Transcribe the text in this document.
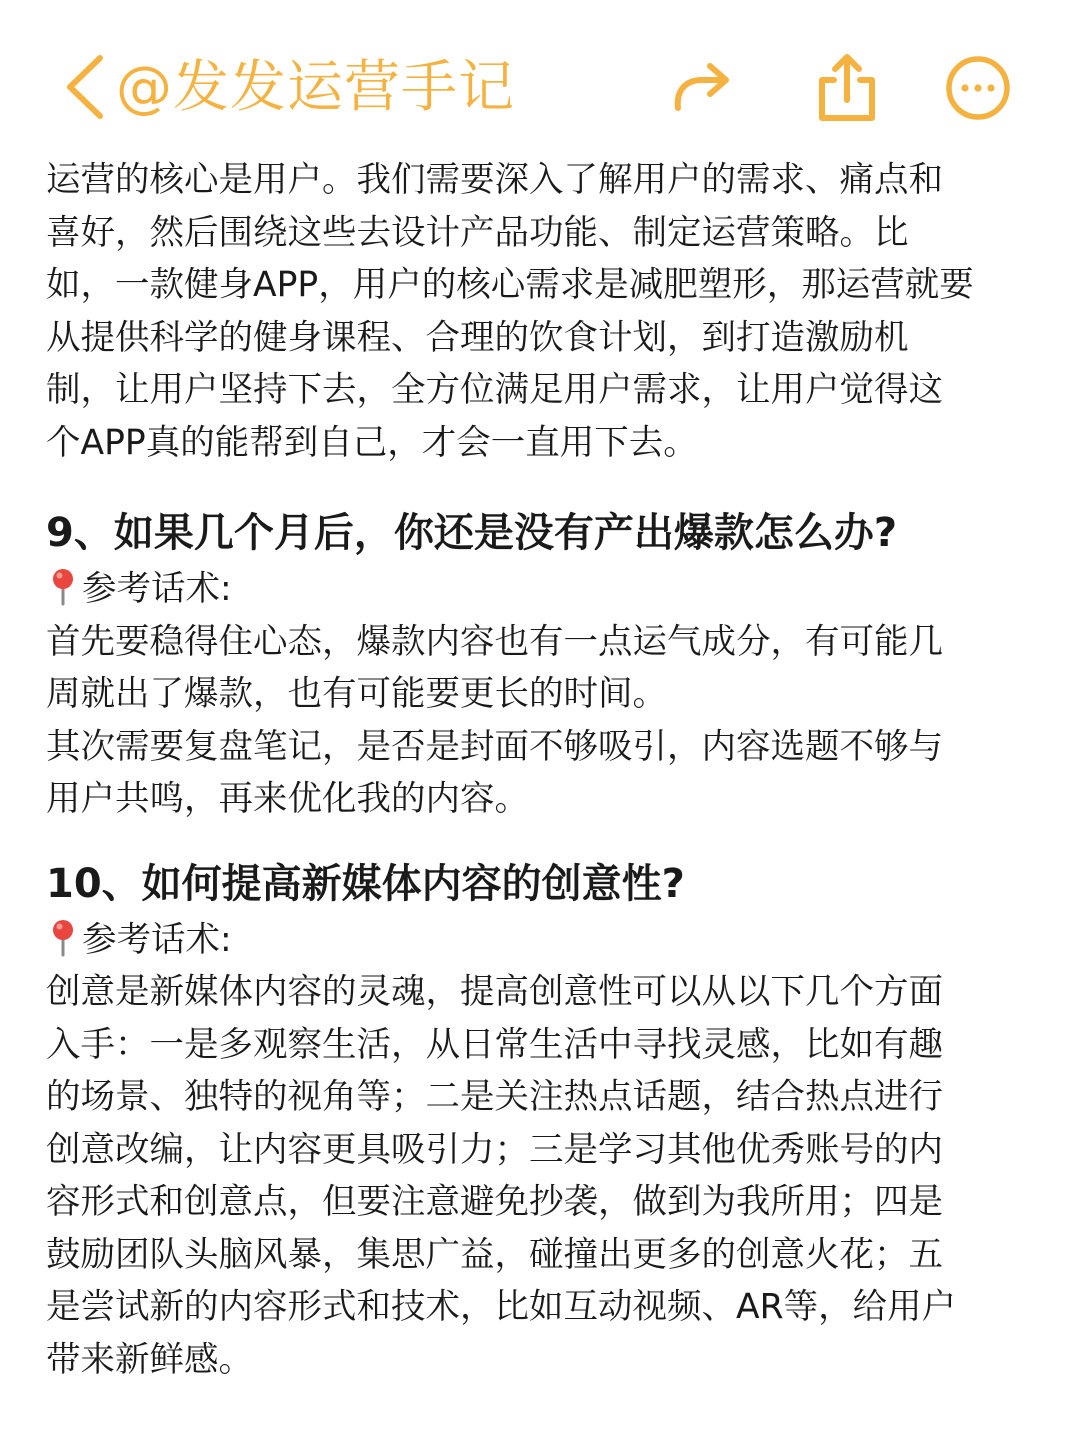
@发发运营手记

运营的核心是用户。我们需要深入了解用户的需求、痛点和

喜好，然后围绕这些去设计产品功能、制定运营策略。比

如，一款健身APP，用户的核心需求是减肥塑形，那运营就要

从提供科学的健身课程、合理的饮食计划，到打造激励机

制，让用户坚持下去，全方位满足用户需求，让用户觉得这

个APP真的能帮到自己，才会一直用下去。

9、如果几个月后，你还是没有产出爆款怎么办?

参考话术:

首先要稳得住心态，爆款内容也有一点运气成分，有可能几

周就出了爆款，也有可能要更长的时间。

其次需要复盘笔记，是否是封面不够吸引，内容选题不够与

用户共鸣，再来优化我的内容。

10、如何提高新媒体内容的创意性?

参考话术:

创意是新媒体内容的灵魂，提高创意性可以从以下几个方面

入手：一是多观察生活，从日常生活中寻找灵感，比如有趣

的场景、独特的视角等；二是关注热点话题，结合热点进行

创意改编，让内容更具吸引力；三是学习其他优秀账号的内

容形式和创意点，但要注意避免抄袭，做到为我所用；四是

鼓励团队头脑风暴，集思广益，碰撞出更多的创意火花；五

是尝试新的内容形式和技术，比如互动视频、AR等，给用户

带来新鲜感。
